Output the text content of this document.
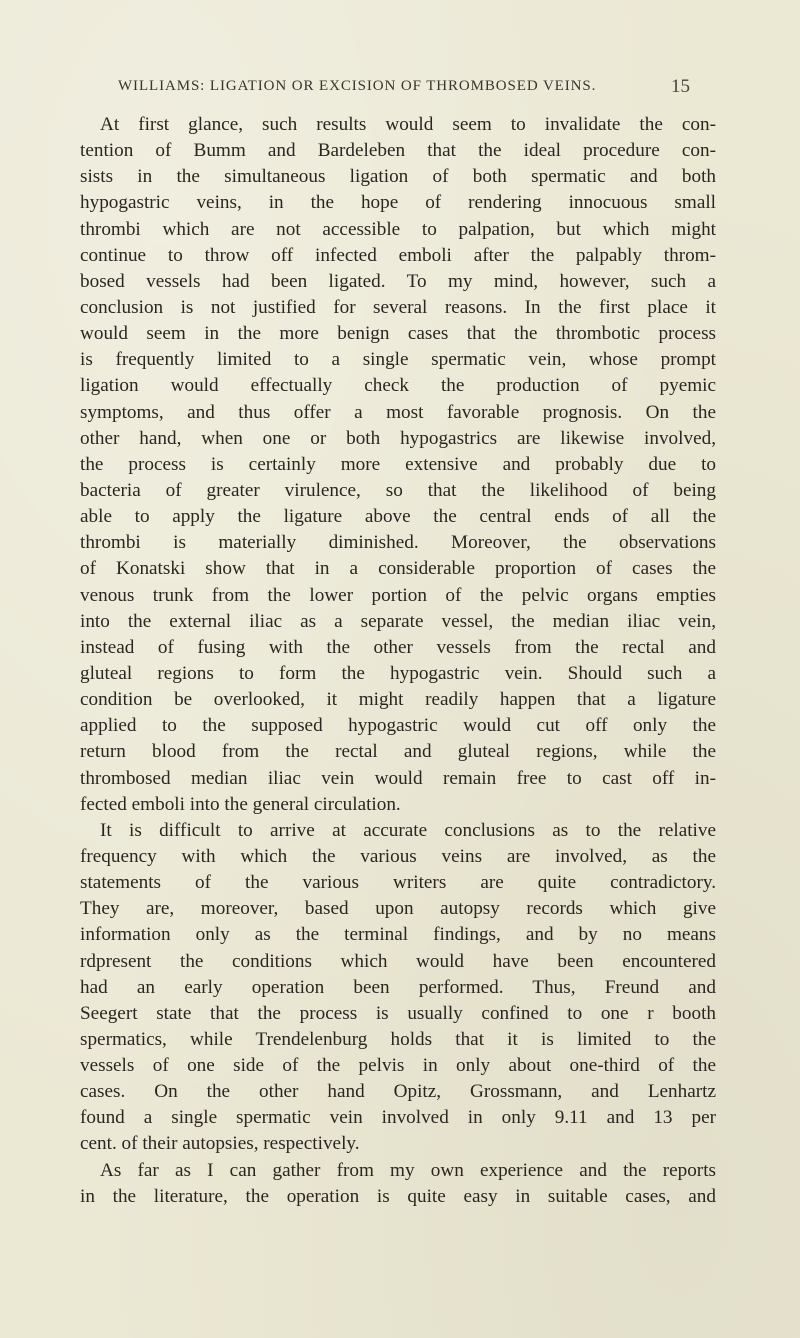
WILLIAMS: LIGATION OR EXCISION OF THROMBOSED VEINS.	15
At first glance, such results would seem to invalidate the con-
tention of Bumm and Bardeleben that the ideal procedure con-
sists in the simultaneous ligation of both spermatic and both
hypogastric veins, in the hope of rendering innocuous small
thrombi which are not accessible to palpation, but which might
continue to throw off infected emboli after the palpably throm-
bosed vessels had been ligated. To my mind, however, such a
conclusion is not justified for several reasons. In the first place it
would seem in the more benign cases that the thrombotic process
is frequently limited to a single spermatic vein, whose prompt
ligation would effectually check the production of pyemic
symptoms, and thus offer a most favorable prognosis. On the
other hand, when one or both hypogastrics are likewise involved,
the process is certainly more extensive and probably due to
bacteria of greater virulence, so that the likelihood of being
able to apply the ligature above the central ends of all the
thrombi is materially diminished. Moreover, the observations
of Konatski show that in a considerable proportion of cases the
venous trunk from the lower portion of the pelvic organs empties
into the external iliac as a separate vessel, the median iliac vein,
instead of fusing with the other vessels from the rectal and
gluteal regions to form the hypogastric vein. Should such a
condition be overlooked, it might readily happen that a ligature
applied to the supposed hypogastric would cut off only the
return blood from the rectal and gluteal regions, while the
thrombosed median iliac vein would remain free to cast off in-
fected emboli into the general circulation.
It is difficult to arrive at accurate conclusions as to the relative
frequency with which the various veins are involved, as the
statements of the various writers are quite contradictory.
They are, moreover, based upon autopsy records which give
information only as the terminal findings, and by no means
rdpresent the conditions which would have been encountered
had an early operation been performed. Thus, Freund and
Seegert state that the process is usually confined to one r booth
spermatics, while Trendelenburg holds that it is limited to the
vessels of one side of the pelvis in only about one-third of the
cases. On the other hand Opitz, Grossmann, and Lenhartz
found a single spermatic vein involved in only 9.11 and 13 per
cent. of their autopsies, respectively.
As far as I can gather from my own experience and the reports
in the literature, the operation is quite easy in suitable cases, and
